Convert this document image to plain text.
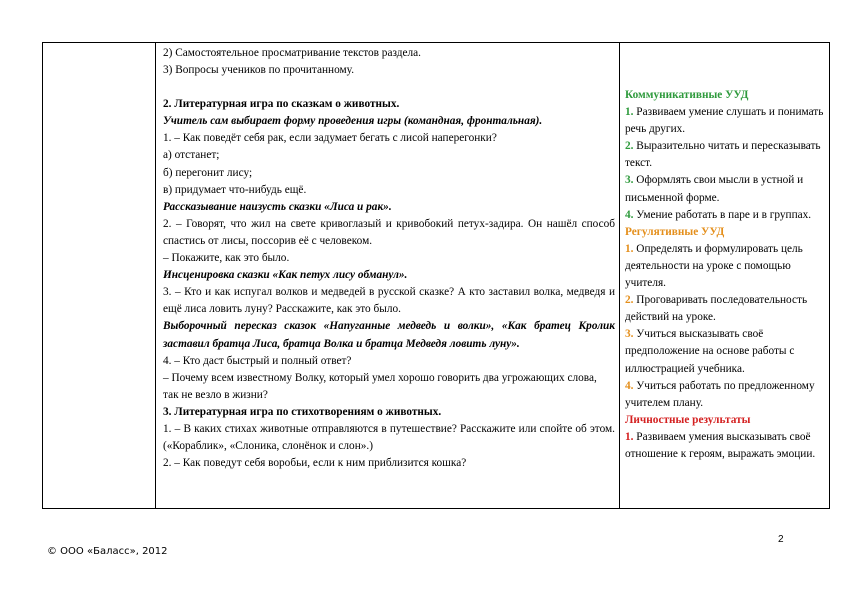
2) Самостоятельное просматривание текстов раздела.

3) Вопросы учеников по прочитанному.

2. Литературная игра по сказкам о животных.

Учитель сам выбирает форму проведения игры (командная, фронтальная).

1. – Как поведёт себя рак, если задумает бегать с лисой наперегонки?

а) отстанет;

б) перегонит лису;

в) придумает что-нибудь ещё.

Рассказывание наизусть сказки «Лиса и рак».

2. – Говорят, что жил на свете кривоглазый и кривобокий петух-задира. Он нашёл способ спастись от лисы, поссорив её с человеком.

– Покажите, как это было.

Инсценировка сказки «Как петух лису обманул».

3. – Кто и как испугал волков и медведей в русской сказке? А кто заставил волка, медведя и ещё лиса ловить луну? Расскажите, как это было.

Выборочный пересказ сказок «Напуганные медведь и волки», «Как братец Кролик заставил братца Лиса, братца Волка и братца Медведя ловить луну».

4. – Кто даст быстрый и полный ответ?

– Почему всем известному Волку, который умел хорошо говорить два угрожающих слова, так не везло в жизни?

3. Литературная игра по стихотворениям о животных.

1. – В каких стихах животные отправляются в путешествие? Расскажите или спойте об этом. («Кораблик», «Слоника, слонёнок и слон».)

2. – Как поведут себя воробьи, если к ним приблизится кошка?

Коммуникативные УУД

1. Развиваем умение слушать и понимать речь других.

2. Выразительно читать и пересказывать текст.

3. Оформлять свои мысли в устной и письменной форме.

4. Умение работать в паре и в группах.

Регулятивные УУД

1. Определять и формулировать цель деятельности на уроке с помощью учителя.

2. Проговаривать последовательность действий на уроке.

3. Учиться высказывать своё предположение на основе работы с иллюстрацией учебника.

4. Учиться работать по предложенному учителем плану.

Личностные результаты

1. Развиваем умения высказывать своё отношение к героям, выражать эмоции.

2
© ООО «Баласс», 2012
